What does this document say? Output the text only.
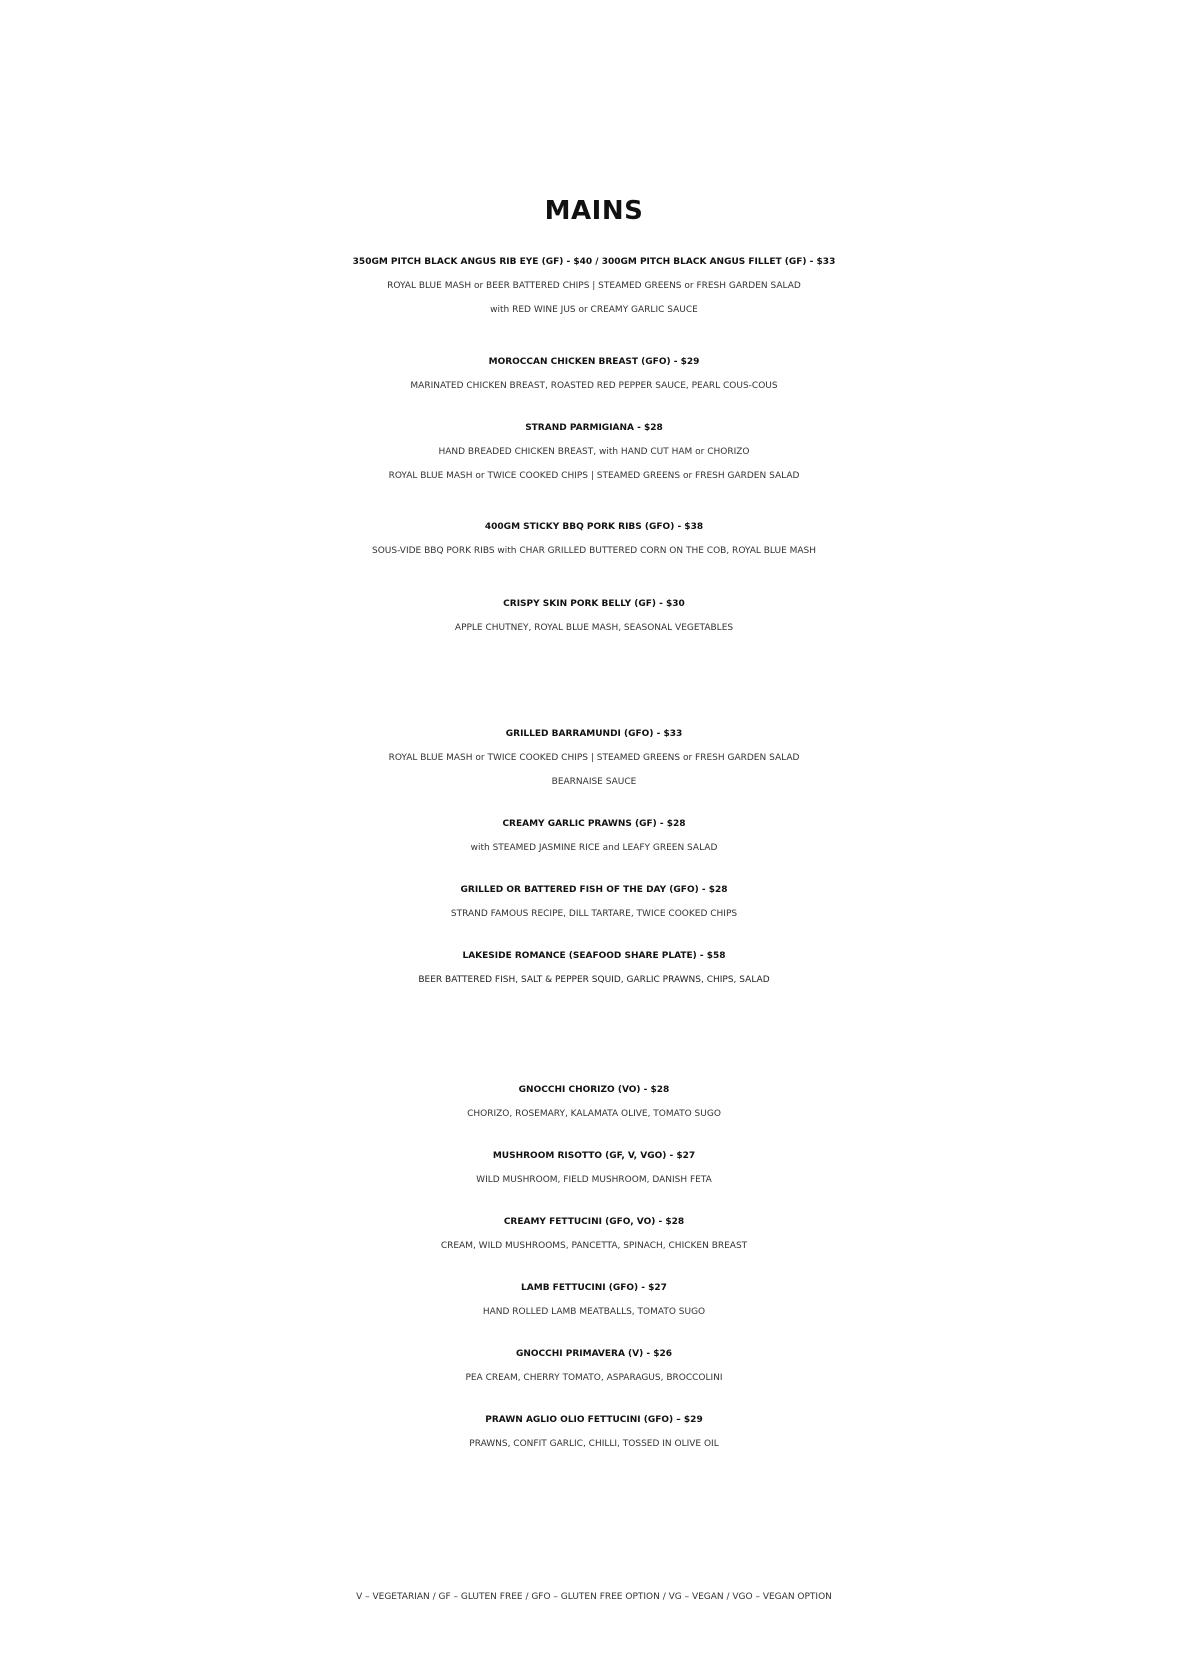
MAINS
350GM PITCH BLACK ANGUS RIB EYE (GF) - $40 / 300GM PITCH BLACK ANGUS FILLET (GF) - $33
ROYAL BLUE MASH or BEER BATTERED CHIPS | STEAMED GREENS or FRESH GARDEN SALAD
with RED WINE JUS or CREAMY GARLIC SAUCE
MOROCCAN CHICKEN BREAST (GFO) - $29
MARINATED CHICKEN BREAST, ROASTED RED PEPPER SAUCE, PEARL COUS-COUS
STRAND PARMIGIANA - $28
HAND BREADED CHICKEN BREAST, with HAND CUT HAM or CHORIZO
ROYAL BLUE MASH or TWICE COOKED CHIPS | STEAMED GREENS or FRESH GARDEN SALAD
400GM STICKY BBQ PORK RIBS (GFO) - $38
SOUS-VIDE BBQ PORK RIBS with CHAR GRILLED BUTTERED CORN ON THE COB, ROYAL BLUE MASH
CRISPY SKIN PORK BELLY (GF) - $30
APPLE CHUTNEY, ROYAL BLUE MASH, SEASONAL VEGETABLES
GRILLED BARRAMUNDI (GFO) - $33
ROYAL BLUE MASH or TWICE COOKED CHIPS | STEAMED GREENS or FRESH GARDEN SALAD
BEARNAISE SAUCE
CREAMY GARLIC PRAWNS (GF) - $28
with STEAMED JASMINE RICE and LEAFY GREEN SALAD
GRILLED OR BATTERED FISH OF THE DAY (GFO) - $28
STRAND FAMOUS RECIPE, DILL TARTARE, TWICE COOKED CHIPS
LAKESIDE ROMANCE (SEAFOOD SHARE PLATE) - $58
BEER BATTERED FISH, SALT & PEPPER SQUID, GARLIC PRAWNS, CHIPS, SALAD
GNOCCHI CHORIZO (VO) - $28
CHORIZO, ROSEMARY, KALAMATA OLIVE, TOMATO SUGO
MUSHROOM RISOTTO (GF, V, VGO) - $27
WILD MUSHROOM, FIELD MUSHROOM, DANISH FETA
CREAMY FETTUCINI (GFO, VO) - $28
CREAM, WILD MUSHROOMS, PANCETTA, SPINACH, CHICKEN BREAST
LAMB FETTUCINI (GFO) - $27
HAND ROLLED LAMB MEATBALLS, TOMATO SUGO
GNOCCHI PRIMAVERA (V) - $26
PEA CREAM, CHERRY TOMATO, ASPARAGUS, BROCCOLINI
PRAWN AGLIO OLIO FETTUCINI (GFO) – $29
PRAWNS, CONFIT GARLIC, CHILLI, TOSSED IN OLIVE OIL
V – VEGETARIAN / GF – GLUTEN FREE / GFO – GLUTEN FREE OPTION / VG – VEGAN / VGO – VEGAN OPTION
